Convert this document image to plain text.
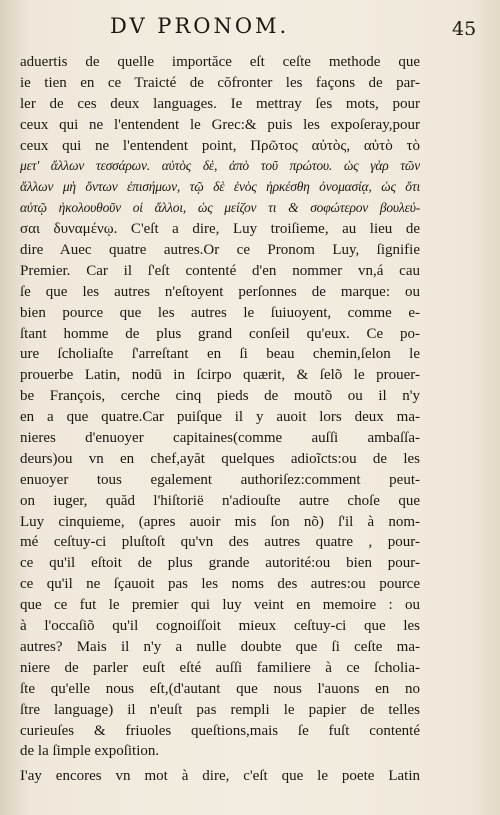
DV PRONOM.	45
aduertis de quelle importăce eſt ceſte methode que
ie tien en ce Traicté de cŏfronter les façons de par-
ler de ces deux languages. Ie mettray ſes mots, pour
ceux qui ne l'entendent le Grec:& puis les expoſeray,pour
ceux qui ne l'entendent point, Πρῶτος αὐτὸς, αὐτὸ τὸ
μετ' ἄλλων τεσσάρων. αὐτὸς δὲ, ἀπὸ τοῦ πρώτου. ὡς γὰρ τῶν
ἄλλων μὴ ὄντων ἐπισήμων, τῷ δὲ ἑνὸς ἠρκέσθη ὀνομασίᾳ, ὡς ὅτι
αὐτῷ ἠκολουθοῦν οἱ ἄλλοι, ὡς μείζον τι & σοφώτερον βουλεύ-
σαι δυναμένῳ. C'eſt a dire, Luy troiſieme, au lieu de
dire Auec quatre autres.Or ce Pronom Luy, ſignifie
Premier. Car il ſ'eſt contenté d'en nommer vn,á cau
ſe que les autres n'eſtoyent perſonnes de marque: ou
bien pource que les autres le ſuiuoyent, comme e-
ſtant homme de plus grand conſeil qu'eux. Ce po-
ure ſcholiaſte ſ'arreſtant en ſi beau chemin,ſelon le
prouerbe Latin, nodū in ſcirpo quærit, & ſelõ le prouer-
be François, cerche cinq pieds de moutõ ou il n'y
en a que quatre.Car puiſque il y auoit lors deux ma-
nieres d'enuoyer capitaines(comme auſſi ambaſſa-
deurs)ou vn en chef,ayăt quelques adioĩcts:ou de les
enuoyer tous egalement authoriſez:comment peut-
on iuger, quăd l'hiſtorië n'adiouſte autre choſe que
Luy cinquieme, (apres auoir mis ſon nõ) ſ'il à nom-
mé ceſtuy-ci pluſtoſt qu'vn des autres quatre , pour-
ce qu'il eſtoit de plus grande autorité:ou bien pour-
ce qu'il ne ſçauoit pas les noms des autres:ou pource
que ce fut le premier qui luy veint en memoire : ou
à l'occaſiõ qu'il cognoiſſoit mieux ceſtuy-ci que les
autres? Mais il n'y a nulle doubte que ſi ceſte ma-
niere de parler euſt eſté auſſi familiere à ce ſcholia-
ſte qu'elle nous eſt,(d'autant que nous l'auons en no
ſtre language) il n'euſt pas rempli le papier de telles
curieuſes & friuoles queſtions,mais ſe fuſt contenté
de la ſimple expoſition.
I'ay encores vn mot à dire, c'eſt que le poete Latin
